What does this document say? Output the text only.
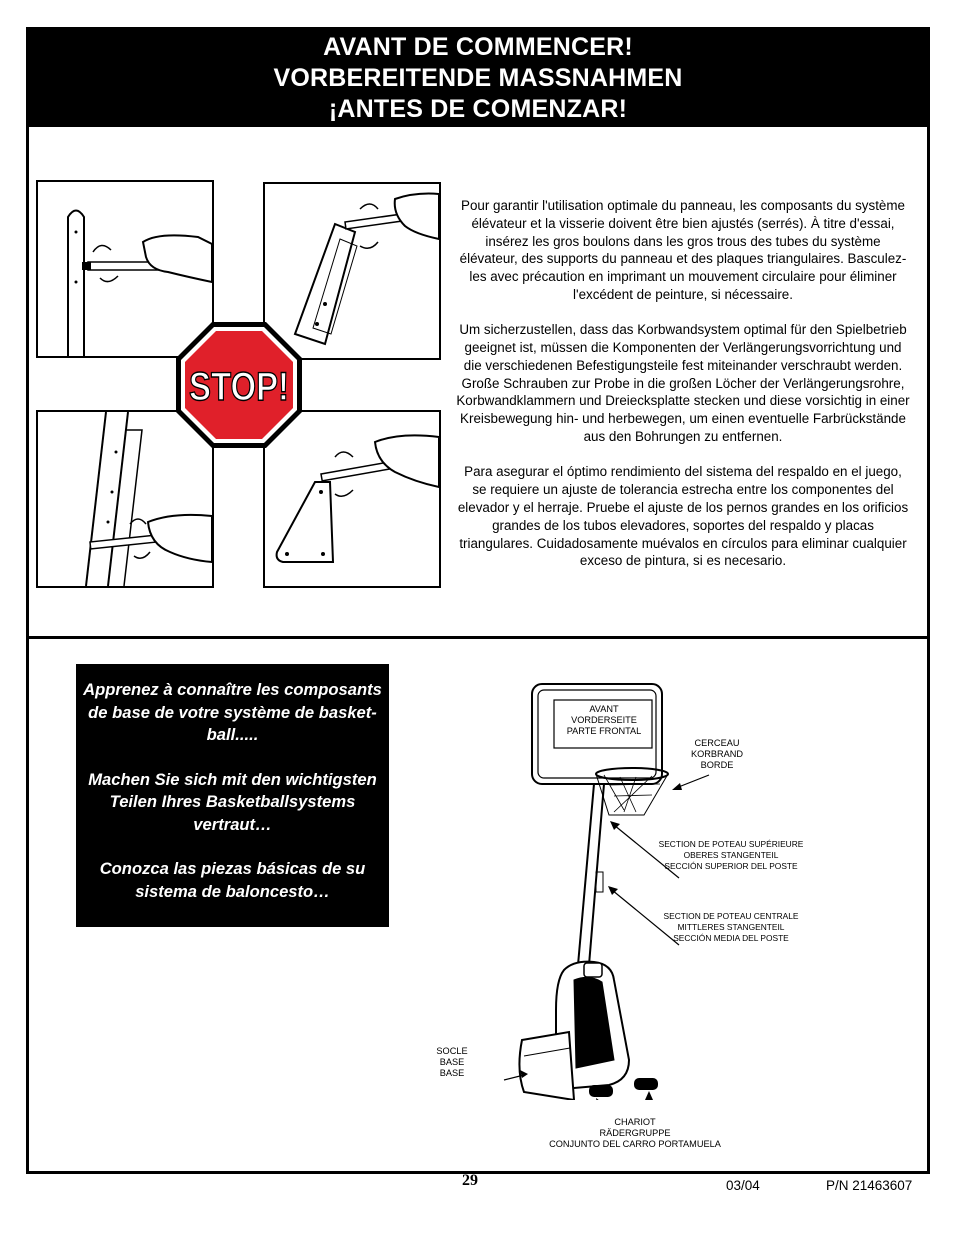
AVANT DE COMMENCER!
VORBEREITENDE MASSNAHMEN
¡ANTES DE COMENZAR!
STOP!

Pour garantir l'utilisation optimale du panneau, les composants du système élévateur et la visserie doivent être bien ajustés (serrés). À titre d'essai, insérez les gros boulons dans les gros trous des tubes du système élévateur, des supports du panneau et des plaques triangulaires. Basculez-les avec précaution en imprimant un mouvement circulaire pour éliminer l'excédent de peinture, si nécessaire.

Um sicherzustellen, dass das Korbwandsystem optimal für den Spielbetrieb geeignet ist, müssen die Komponenten der Verlängerungsvorrichtung und die verschiedenen Befestigungsteile fest miteinander verschraubt werden. Große Schrauben zur Probe in die großen Löcher der Verlängerungsrohre, Korbwandklammern und Dreiecksplatte stecken und diese vorsichtig in einer Kreisbewegung hin- und herbewegen, um einen eventuelle Farbrückstände aus den Bohrungen zu entfernen.

Para asegurar el óptimo rendimiento del sistema del respaldo en el juego, se requiere un ajuste de tolerancia estrecha entre los componentes del elevador y el herraje. Pruebe el ajuste de los pernos grandes en los orificios grandes de los tubos elevadores, soportes del respaldo y placas triangulares. Cuidadosamente muévalos en círculos para eliminar cualquier exceso de pintura, si es necesario.

Apprenez à connaître les composants de base de votre système de basket-ball.....

Machen Sie sich mit den wichtigsten Teilen Ihres Basketballsystems vertraut…

Conozca las piezas básicas de su sistema de baloncesto…

AVANT
VORDERSEITE
PARTE FRONTAL
CERCEAU
KORBRAND
BORDE
SECTION DE POTEAU SUPÉRIEURE
OBERES STANGENTEIL
SECCIÓN SUPERIOR DEL POSTE
SECTION DE POTEAU CENTRALE
MITTLERES STANGENTEIL
SECCIÓN MEDIA DEL POSTE
SOCLE
BASE
BASE
CHARIOT
RÄDERGRUPPE
CONJUNTO DEL CARRO PORTAMUELA
29	03/04	P/N 21463607
